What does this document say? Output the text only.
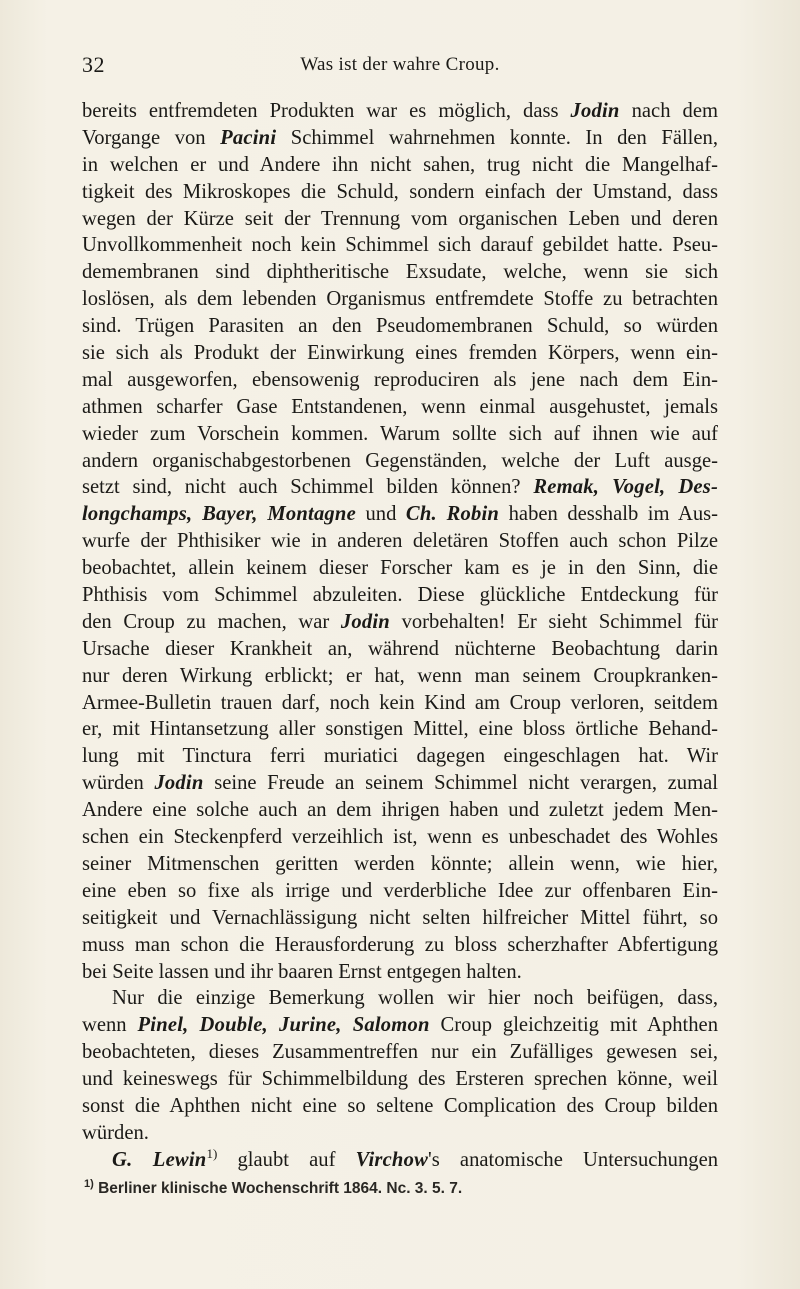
32	Was ist der wahre Croup.
bereits entfremdeten Produkten war es möglich, dass Jodin nach dem
Vorgange von Pacini Schimmel wahrnehmen konnte. In den Fällen,
in welchen er und Andere ihn nicht sahen, trug nicht die Mangelhaf-
tigkeit des Mikroskopes die Schuld, sondern einfach der Umstand, dass
wegen der Kürze seit der Trennung vom organischen Leben und deren
Unvollkommenheit noch kein Schimmel sich darauf gebildet hatte. Pseu-
demembranen sind diphtheritische Exsudate, welche, wenn sie sich
loslösen, als dem lebenden Organismus entfremdete Stoffe zu betrachten
sind. Trügen Parasiten an den Pseudomembranen Schuld, so würden
sie sich als Produkt der Einwirkung eines fremden Körpers, wenn ein-
mal ausgeworfen, ebensowenig reproduciren als jene nach dem Ein-
athmen scharfer Gase Entstandenen, wenn einmal ausgehustet, jemals
wieder zum Vorschein kommen. Warum sollte sich auf ihnen wie auf
andern organischabgestorbenen Gegenständen, welche der Luft ausge-
setzt sind, nicht auch Schimmel bilden können? Remak, Vogel, Des-
longchamps, Bayer, Montagne und Ch. Robin haben desshalb im Aus-
wurfe der Phthisiker wie in anderen deletären Stoffen auch schon Pilze
beobachtet, allein keinem dieser Forscher kam es je in den Sinn, die
Phthisis vom Schimmel abzuleiten. Diese glückliche Entdeckung für
den Croup zu machen, war Jodin vorbehalten! Er sieht Schimmel für
Ursache dieser Krankheit an, während nüchterne Beobachtung darin
nur deren Wirkung erblickt; er hat, wenn man seinem Croupkranken-
Armee-Bulletin trauen darf, noch kein Kind am Croup verloren, seitdem
er, mit Hintansetzung aller sonstigen Mittel, eine bloss örtliche Behand-
lung mit Tinctura ferri muriatici dagegen eingeschlagen hat. Wir
würden Jodin seine Freude an seinem Schimmel nicht verargen, zumal
Andere eine solche auch an dem ihrigen haben und zuletzt jedem Men-
schen ein Steckenpferd verzeihlich ist, wenn es unbeschadet des Wohles
seiner Mitmenschen geritten werden könnte; allein wenn, wie hier,
eine eben so fixe als irrige und verderbliche Idee zur offenbaren Ein-
seitigkeit und Vernachlässigung nicht selten hilfreicher Mittel führt, so
muss man schon die Herausforderung zu bloss scherzhafter Abfertigung
bei Seite lassen und ihr baaren Ernst entgegen halten.
Nur die einzige Bemerkung wollen wir hier noch beifügen, dass,
wenn Pinel, Double, Jurine, Salomon Croup gleichzeitig mit Aphthen
beobachteten, dieses Zusammentreffen nur ein Zufälliges gewesen sei,
und keineswegs für Schimmelbildung des Ersteren sprechen könne, weil
sonst die Aphthen nicht eine so seltene Complication des Croup bilden
würden.
G. Lewin$^{1)}$ glaubt auf Virchow's anatomische Untersuchungen
$^{1)}$ Berliner klinische Wochenschrift 1864. Nc. 3. 5. 7.
